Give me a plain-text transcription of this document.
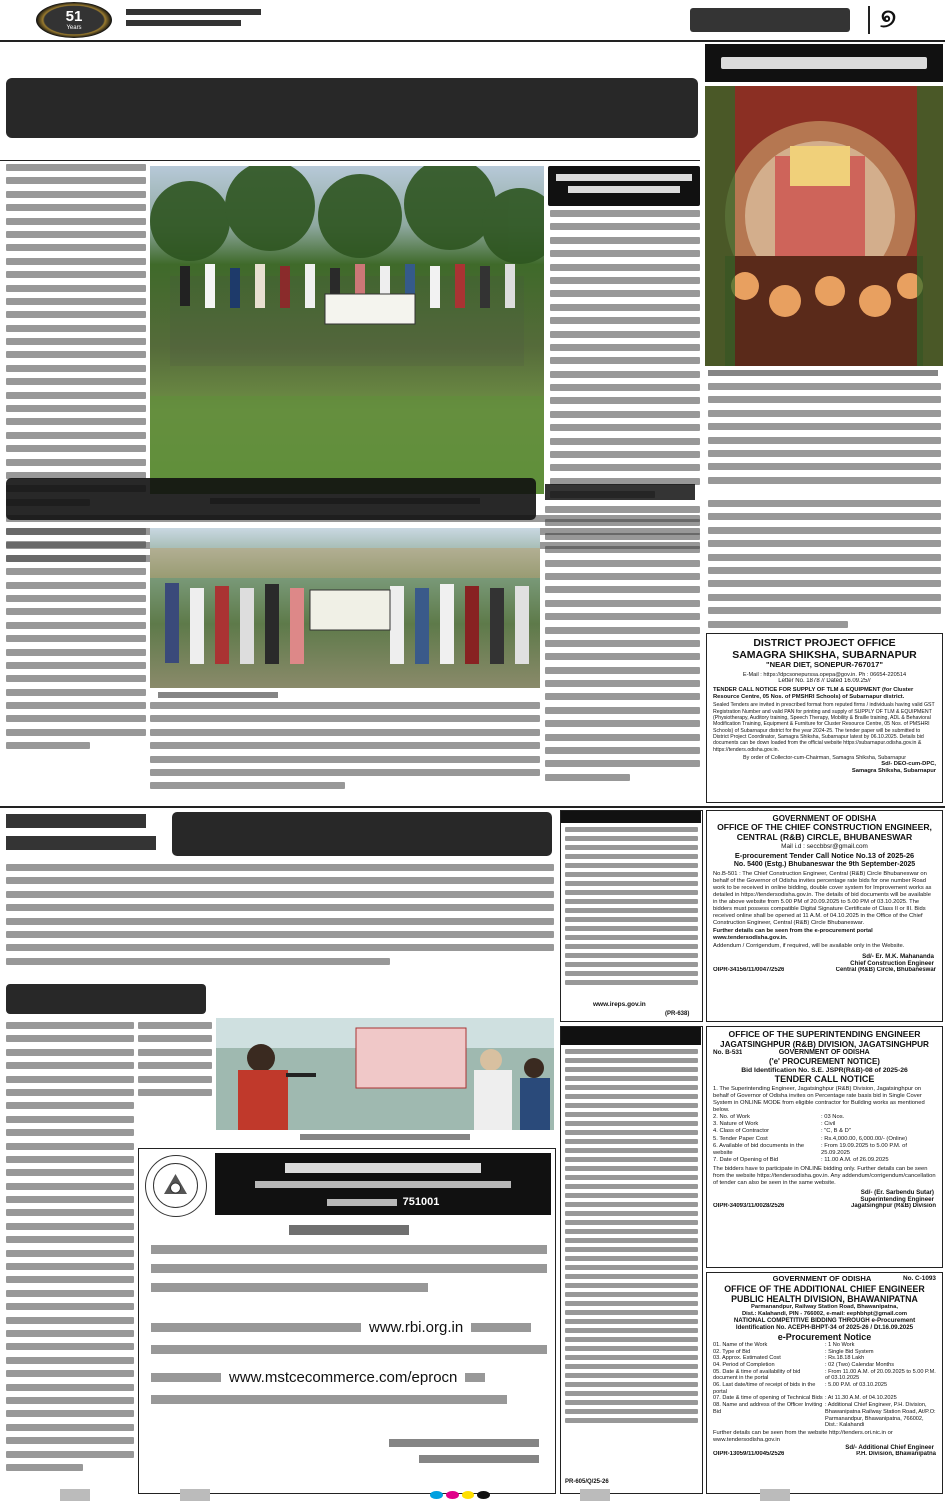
51
Years	୭
DISTRICT PROJECT OFFICE
SAMAGRA SHIKSHA, SUBARNAPUR
"NEAR DIET, SONEPUR-767017"
E-Mail : https://dpcsonepurssa.opepa@gov.in. Ph : 06654-220514
Letter No. 1878 // Dated 16.09.25//
TENDER CALL NOTICE FOR SUPPLY OF TLM & EQUIPMENT (for Cluster Resource Centre, 05 Nos. of PMSHRI Schools) of Subarnapur district.
Sealed Tenders are invited in prescribed format from reputed firms / individuals having valid GST Registration Number and valid PAN for printing and supply of SUPPLY OF TLM & EQUIPMENT (Physiotherapy, Auditory training, Speech Therapy, Mobility & Braille training, ADL & Behavioral Modification Training, Equipment & Furniture for Cluster Resource Centre, 05 Nos. of PMSHRI Schools) of Subarnapur district for the year 2024-25. The tender paper will be submitted to District Project Coordinator, Samagra Shiksha, Subarnapur latest by 06.10.2025. Details bid documents can be down loaded from the official website https://subarnapur.odisha.gov.in & https://tenders.odisha.gov.in.
By order of Collector-cum-Chairman, Samagra Shiksha, Subarnapur
Sd/- DEO-cum-DPC,
Samagra Shiksha, Subarnapur
751001
www.rbi.org.in
www.mstcecommerce.com/eprocn
www.ireps.gov.in
(PR-638)
PR-605/Q/25-26
GOVERNMENT OF ODISHA
OFFICE OF THE CHIEF CONSTRUCTION ENGINEER,
CENTRAL (R&B) CIRCLE, BHUBANESWAR
Mail i.d : seccbbsr@gmail.com
E-procurement Tender Call Notice No.13 of 2025-26
No. 5400 (Estg.) Bhubaneswar the 9th September-2025
No.B-501 : The Chief Construction Engineer, Central (R&B) Circle Bhubaneswar on behalf of the Governor of Odisha invites percentage rate bids for one number Road work to be received in online bidding, double cover system for Improvement works as detailed in https://tendersodisha.gov.in. The details of bid documents will be available in the above website from 5.00 PM of 20.09.2025 to 5.00 PM of 03.10.2025. The bidders must possess compatible Digital Signature Certificate of Class II or III. Bids received online shall be opened at 11 A.M. of 04.10.2025 in the Office of the Chief Construction Engineer, Central (R&B) Circle Bhubaneswar.
Further details can be seen from the e-procurement portal www.tendersodisha.gov.in.
Addendum / Corrigendum, if required, will be available only in the Website.
Sd/- Er. M.K. Mahananda
Chief Construction Engineer
OIPR-34156/11/0047/2526	Central (R&B) Circle, Bhubaneswar
OFFICE OF THE SUPERINTENDING ENGINEER
JAGATSINGHPUR (R&B) DIVISION, JAGATSINGHPUR
No. B-531	GOVERNMENT OF ODISHA
('e' PROCUREMENT NOTICE)
Bid Identification No. S.E. JSPR(R&B)-08 of 2025-26
TENDER CALL NOTICE
1. The Superintending Engineer, Jagatsinghpur (R&B) Division, Jagatsinghpur on behalf of Governor of Odisha invites on Percentage rate basis bid in Single Cover System in ONLINE MODE from eligible contractor for Building works as mentioned below.
2. No. of Work	: 03 Nos.
3. Nature of Work	: Civil
4. Class of Contractor	: "C, B & D"
5. Tender Paper Cost	: Rs.4,000.00, 6,000.00/- (Online)
6. Available of bid documents in the website
: From 19.09.2025 to 5.00 P.M. of 25.09.2025
7. Date of Opening of Bid	: 11.00 A.M. of 26.09.2025
The bidders have to participate in ONLINE bidding only. Further details can be seen from the website https://tendersodisha.gov.in. Any addendum/corrigendum/cancellation of tender can also be seen in the same website.
Sd/- (Er. Sarbendu Sutar)
Superintending Engineer
OIPR-34093/11/0028/2526	Jagatsinghpur (R&B) Division
GOVERNMENT OF ODISHA	No. C-1093
OFFICE OF THE ADDITIONAL CHIEF ENGINEER
PUBLIC HEALTH DIVISION, BHAWANIPATNA
Parmanandpur, Railway Station Road, Bhawanipatna,
Dist.: Kalahandi, PIN - 766002, e-mail: eephbhpt@gmail.com
NATIONAL COMPETITIVE BIDDING THROUGH e-Procurement
Identification No. ACEPH-BHPT-34 of 2025-26 / Dt.16.09.2025
e-Procurement Notice
01. Name of the Work	: 1 No Work
02. Type of Bid	: Single Bid System
03. Approx. Estimated Cost	: Rs.18.18 Lakh
04. Period of Completion	: 02 (Two) Calendar Months
05. Date & time of availability of bid document in the portal
: From 11.00 A.M. of 20.09.2025 to 5.00 P.M. of 03.10.2025
06. Last date/time of receipt of bids in the portal
: 5.00 P.M. of 03.10.2025
07. Date & time of opening of Technical Bids : At 11.30 A.M. of 04.10.2025
08. Name and address of the Officer Inviting Bid
: Additional Chief Engineer, P.H. Division, Bhawanipatna Railway Station Road, At/P.O: Parmanandpur, Bhawanipatna, 766002, Dist.: Kalahandi
Further details can be seen from the website http://tenders.ori.nic.in or www.tendersodisha.gov.in
Sd/- Additional Chief Engineer
OIPR-13059/11/0045/2526	P.H. Division, Bhawanipatna
